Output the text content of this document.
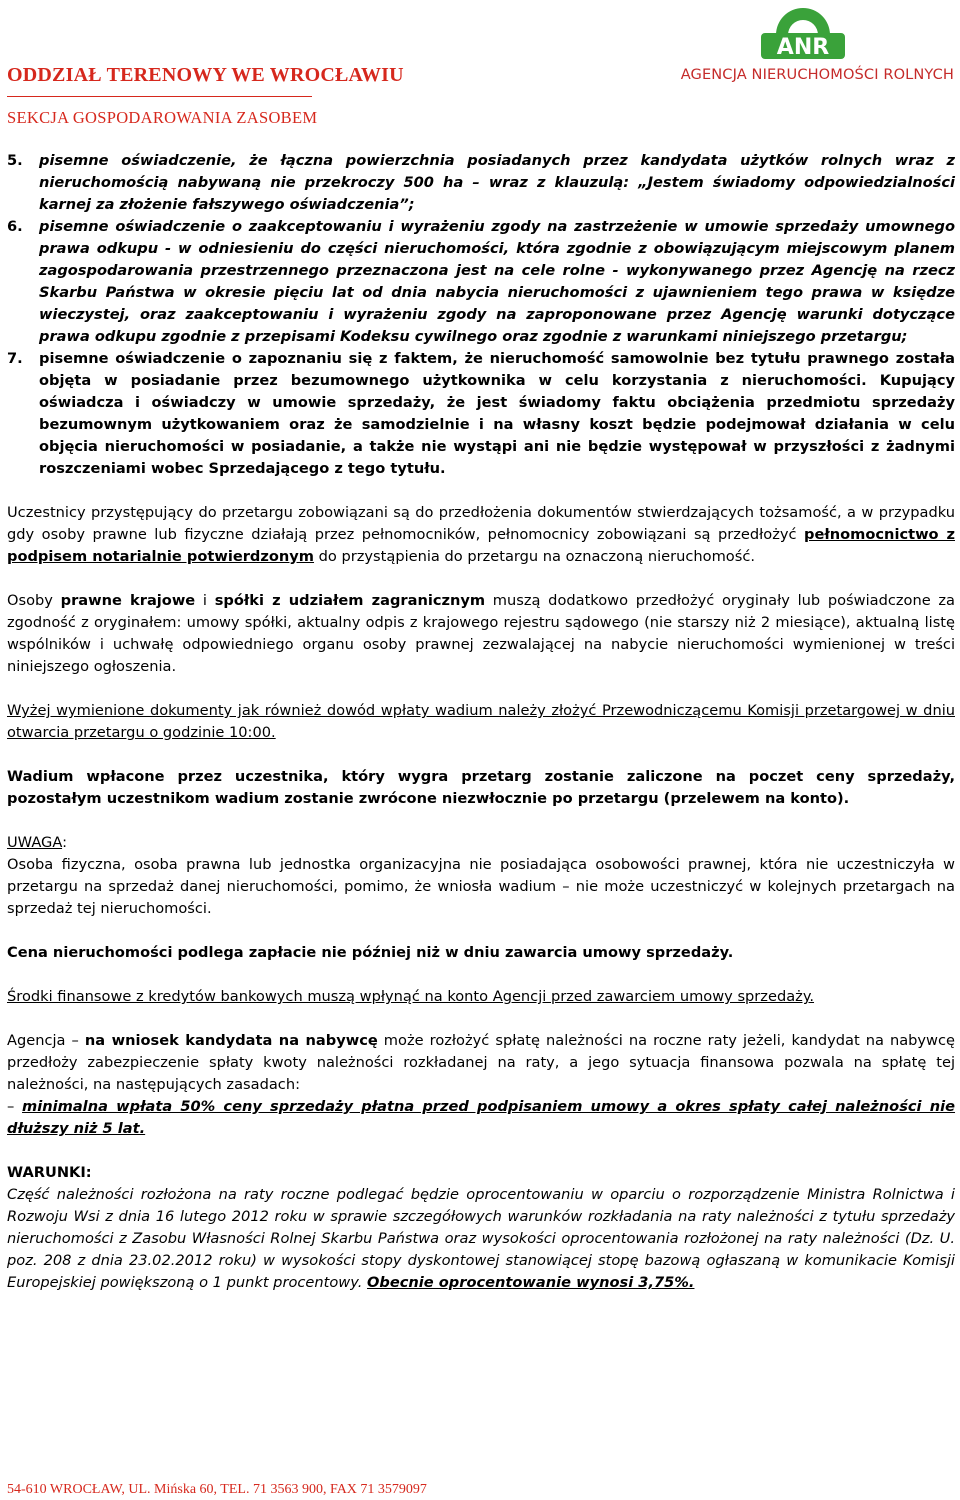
ODDZIAŁ TERENOWY WE WROCŁAWIU
SEKCJA GOSPODAROWANIA ZASOBEM
ANR
AGENCJA NIERUCHOMOŚCI ROLNYCH
5. pisemne oświadczenie, że łączna powierzchnia posiadanych przez kandydata użytków rolnych wraz z nieruchomością nabywaną nie przekroczy 500 ha – wraz z klauzulą: „Jestem świadomy odpowiedzialności karnej za złożenie fałszywego oświadczenia”;
6. pisemne oświadczenie o zaakceptowaniu i wyrażeniu zgody na zastrzeżenie w umowie sprzedaży umownego prawa odkupu - w odniesieniu do części nieruchomości, która zgodnie z obowiązującym miejscowym planem zagospodarowania przestrzennego przeznaczona jest na cele rolne - wykonywanego przez Agencję na rzecz Skarbu Państwa w okresie pięciu lat od dnia nabycia nieruchomości z ujawnieniem tego prawa w księdze wieczystej, oraz zaakceptowaniu i wyrażeniu zgody na zaproponowane przez Agencję warunki dotyczące prawa odkupu zgodnie z przepisami Kodeksu cywilnego oraz zgodnie z warunkami niniejszego przetargu;
7. pisemne oświadczenie o zapoznaniu się z faktem, że nieruchomość samowolnie bez tytułu prawnego została objęta w posiadanie przez bezumownego użytkownika w celu korzystania z nieruchomości. Kupujący oświadcza i oświadczy w umowie sprzedaży, że jest świadomy faktu obciążenia przedmiotu sprzedaży bezumownym użytkowaniem oraz że samodzielnie i na własny koszt będzie podejmował działania w celu objęcia nieruchomości w posiadanie, a także nie wystąpi ani nie będzie występował w przyszłości z żadnymi roszczeniami wobec Sprzedającego z tego tytułu.

Uczestnicy przystępujący do przetargu zobowiązani są do przedłożenia dokumentów stwierdzających tożsamość, a w przypadku gdy osoby prawne lub fizyczne działają przez pełnomocników, pełnomocnicy zobowiązani są przedłożyć pełnomocnictwo z podpisem notarialnie potwierdzonym do przystąpienia do przetargu na oznaczoną nieruchomość.

Osoby prawne krajowe i spółki z udziałem zagranicznym muszą dodatkowo przedłożyć oryginały lub poświadczone za zgodność z oryginałem: umowy spółki, aktualny odpis z krajowego rejestru sądowego (nie starszy niż 2 miesiące), aktualną listę wspólników i uchwałę odpowiedniego organu osoby prawnej zezwalającej na nabycie nieruchomości wymienionej w treści niniejszego ogłoszenia.

Wyżej wymienione dokumenty jak również dowód wpłaty wadium należy złożyć Przewodniczącemu Komisji przetargowej w dniu otwarcia przetargu o godzinie 10:00.

Wadium wpłacone przez uczestnika, który wygra przetarg zostanie zaliczone na poczet ceny sprzedaży, pozostałym uczestnikom wadium zostanie zwrócone niezwłocznie po przetargu (przelewem na konto).

UWAGA:

Osoba fizyczna, osoba prawna lub jednostka organizacyjna nie posiadająca osobowości prawnej, która nie uczestniczyła w przetargu na sprzedaż danej nieruchomości, pomimo, że wniosła wadium – nie może uczestniczyć w kolejnych przetargach na sprzedaż tej nieruchomości.

Cena nieruchomości podlega zapłacie nie później niż w dniu zawarcia umowy sprzedaży.

Środki finansowe z kredytów bankowych muszą wpłynąć na konto Agencji przed zawarciem umowy sprzedaży.

Agencja – na wniosek kandydata na nabywcę może rozłożyć spłatę należności na roczne raty jeżeli, kandydat na nabywcę przedłoży zabezpieczenie spłaty kwoty należności rozkładanej na raty, a jego sytuacja finansowa pozwala na spłatę tej należności, na następujących zasadach:

– minimalna wpłata 50% ceny sprzedaży płatna przed podpisaniem umowy a okres spłaty całej należności nie dłuższy niż 5 lat.

WARUNKI:

Część należności rozłożona na raty roczne podlegać będzie oprocentowaniu w oparciu o rozporządzenie Ministra Rolnictwa i Rozwoju Wsi z dnia 16 lutego 2012 roku w sprawie szczegółowych warunków rozkładania na raty należności z tytułu sprzedaży nieruchomości z Zasobu Własności Rolnej Skarbu Państwa oraz wysokości oprocentowania rozłożonej na raty należności (Dz. U. poz. 208 z dnia 23.02.2012 roku) w wysokości stopy dyskontowej stanowiącej stopę bazową ogłaszaną w komunikacie Komisji Europejskiej powiększoną o 1 punkt procentowy. Obecnie oprocentowanie wynosi 3,75%.

54-610 WROCŁAW, UL. Mińska 60, TEL. 71 3563 900, FAX 71 3579097
